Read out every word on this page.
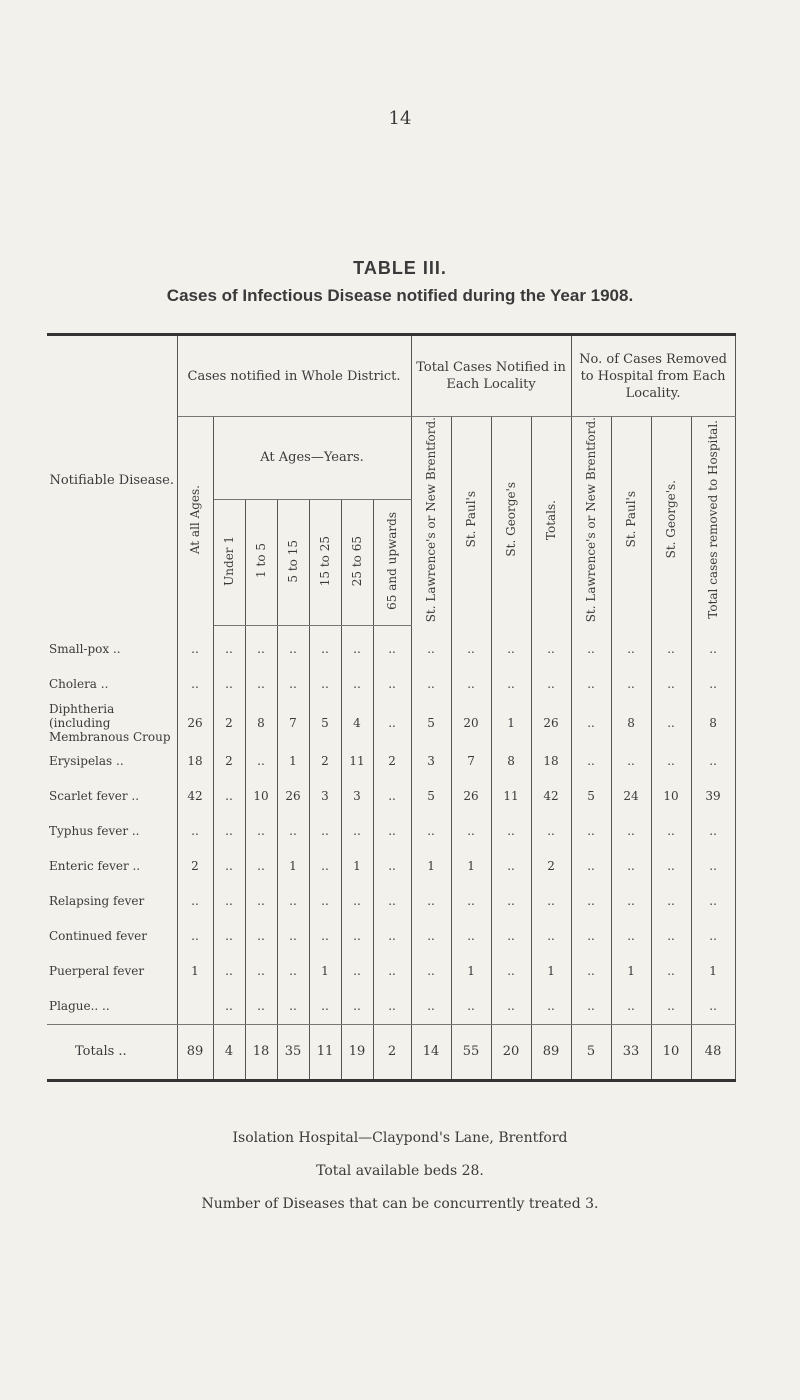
14
TABLE III.
Cases of Infectious Disease notified during the Year 1908.
Notifiable Disease.	Cases notified in Whole District.							Total Cases Notified in Each Locality				No. of Cases Removed to Hospital from Each Locality.			
	At all Ages.	At Ages—Years.						St. Lawrence's or New Brentford.	St. Paul's	St. George's	Totals.	St. Lawrence's or New Brentford.	St. Paul's	St. George's.	Total cases removed to Hospital.
		Under 1	1 to 5	5 to 15	15 to 25	25 to 65	65 and upwards								
Small-pox ..	..	..	..	..	..	..	..	..	..	..	..	..	..	..	..
Cholera ..	..	..	..	..	..	..	..	..	..	..	..	..	..	..	..
Diphtheria (including Membranous Croup	26	2	8	7	5	4	..	5	20	1	26	..	8	..	8
Erysipelas ..	18	2	..	1	2	11	2	3	7	8	18	..	..	..	..
Scarlet fever ..	42	..	10	26	3	3	..	5	26	11	42	5	24	10	39
Typhus fever ..	..	..	..	..	..	..	..	..	..	..	..	..	..	..	..
Enteric fever ..	2	..	..	1	..	1	..	1	1	..	2	..	..	..	..
Relapsing fever	..	..	..	..	..	..	..	..	..	..	..	..	..	..	..
Continued fever	..	..	..	..	..	..	..	..	..	..	..	..	..	..	..
Puerperal fever	1	..	..	..	1	..	..	..	1	..	1	..	1	..	1
Plague.. ..		..	..	..	..	..	..	..	..	..	..	..	..	..	..
Totals ..	89	4	18	35	11	19	2	14	55	20	89	5	33	10	48
Isolation Hospital—Claypond's Lane, Brentford
Total available beds 28.
Number of Diseases that can be concurrently treated 3.
